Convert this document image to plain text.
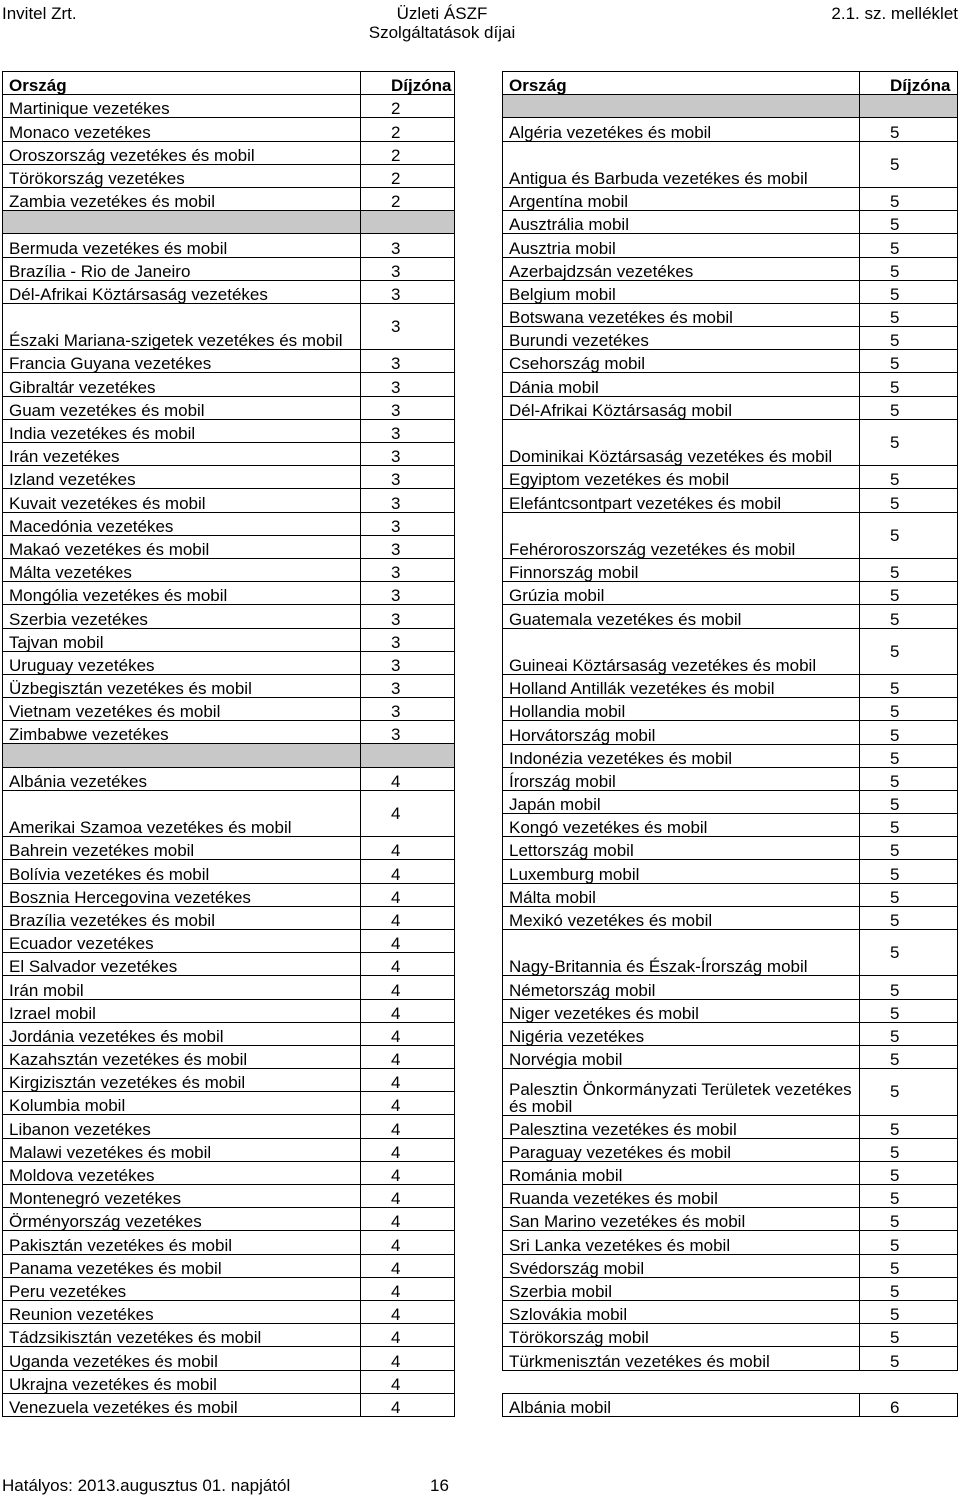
Invitel Zrt.	Üzleti ÁSZF
Szolgáltatások díjai
2.1. sz. melléklet
Ország	Díjzóna
Martinique vezetékes	2
Monaco vezetékes	2
Oroszország vezetékes és mobil	2
Törökország vezetékes	2
Zambia vezetékes és mobil	2

Bermuda vezetékes és mobil	3
Brazília - Rio de Janeiro	3
Dél-Afrikai Köztársaság vezetékes	3
Északi Mariana-szigetek vezetékes és mobil	3
Francia Guyana vezetékes	3
Gibraltár vezetékes	3
Guam vezetékes és mobil	3
India vezetékes és mobil	3
Irán vezetékes	3
Izland vezetékes	3
Kuvait vezetékes és mobil	3
Macedónia vezetékes	3
Makaó vezetékes és mobil	3
Málta vezetékes	3
Mongólia vezetékes és mobil	3
Szerbia vezetékes	3
Tajvan mobil	3
Uruguay vezetékes	3
Üzbegisztán vezetékes és mobil	3
Vietnam vezetékes és mobil	3
Zimbabwe vezetékes	3

Albánia vezetékes	4
Amerikai Szamoa vezetékes és mobil	4
Bahrein vezetékes mobil	4
Bolívia vezetékes és mobil	4
Bosznia Hercegovina vezetékes	4
Brazília vezetékes és mobil	4
Ecuador vezetékes	4
El Salvador vezetékes	4
Irán mobil	4
Izrael mobil	4
Jordánia vezetékes és mobil	4
Kazahsztán vezetékes és mobil	4
Kirgizisztán vezetékes és mobil	4
Kolumbia mobil	4
Libanon vezetékes	4
Malawi vezetékes és mobil	4
Moldova vezetékes	4
Montenegró vezetékes	4
Örményország vezetékes	4
Pakisztán vezetékes és mobil	4
Panama vezetékes és mobil	4
Peru vezetékes	4
Reunion vezetékes	4
Tádzsikisztán vezetékes és mobil	4
Uganda vezetékes és mobil	4
Ukrajna vezetékes és mobil	4
Venezuela vezetékes és mobil	4
Ország	Díjzóna

Algéria vezetékes és mobil	5
Antigua és Barbuda vezetékes és mobil	5
Argentína mobil	5
Ausztrália mobil	5
Ausztria mobil	5
Azerbajdzsán vezetékes	5
Belgium mobil	5
Botswana vezetékes és mobil	5
Burundi vezetékes	5
Csehország mobil	5
Dánia mobil	5
Dél-Afrikai Köztársaság mobil	5
Dominikai Köztársaság vezetékes és mobil	5
Egyiptom vezetékes és mobil	5
Elefántcsontpart vezetékes és mobil	5
Fehéroroszország vezetékes és mobil	5
Finnország mobil	5
Grúzia mobil	5
Guatemala vezetékes és mobil	5
Guineai Köztársaság vezetékes és mobil	5
Holland Antillák vezetékes és mobil	5
Hollandia mobil	5
Horvátország mobil	5
Indonézia vezetékes és mobil	5
Írország mobil	5
Japán mobil	5
Kongó vezetékes és mobil	5
Lettország mobil	5
Luxemburg mobil	5
Málta mobil	5
Mexikó vezetékes és mobil	5
Nagy-Britannia és Észak-Írország mobil	5
Németország mobil	5
Niger vezetékes és mobil	5
Nigéria vezetékes	5
Norvégia mobil	5
Palesztin Önkormányzati Területek vezetékes és mobil	5
Palesztina vezetékes és mobil	5
Paraguay vezetékes és mobil	5
Románia mobil	5
Ruanda vezetékes és mobil	5
San Marino vezetékes és mobil	5
Sri Lanka vezetékes és mobil	5
Svédország mobil	5
Szerbia mobil	5
Szlovákia mobil	5
Törökország mobil	5
Türkmenisztán vezetékes és mobil	5

Albánia mobil	6
Hatályos: 2013.augusztus 01. napjától	16
